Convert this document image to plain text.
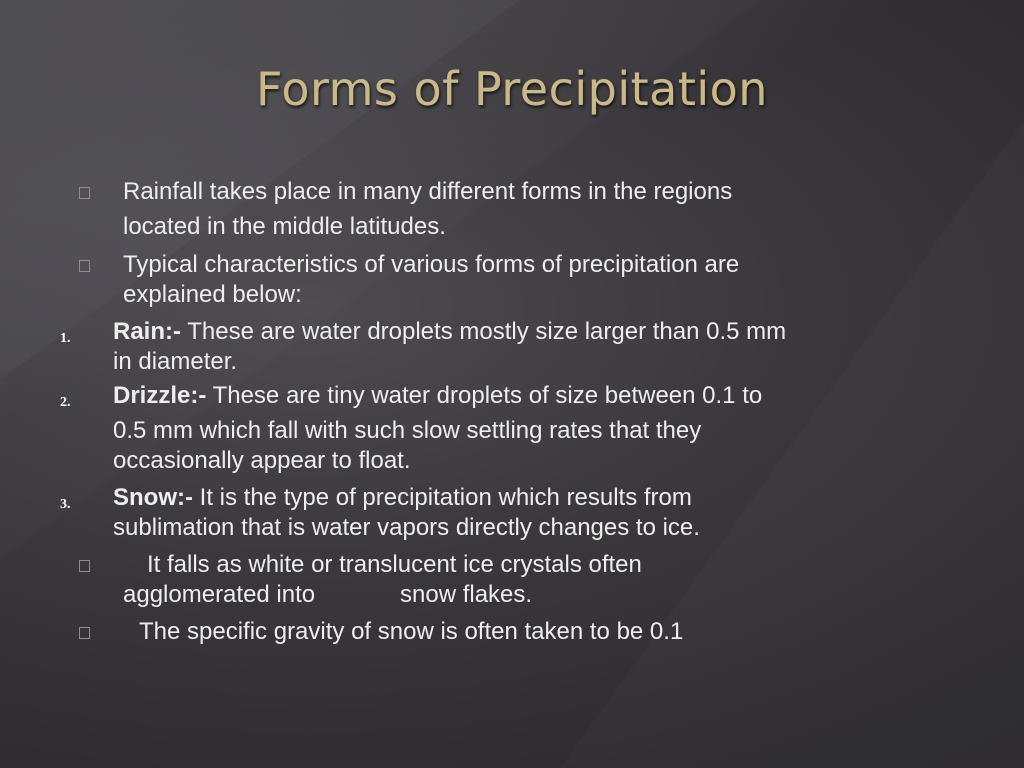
Forms of Precipitation
Rainfall takes place in many different forms in the regions
located in the middle latitudes.
Typical characteristics of various forms of precipitation are
explained below:
1. Rain:- These are water droplets mostly size larger than 0.5 mm
in diameter.
2. Drizzle:- These are tiny water droplets of size between 0.1 to
0.5 mm which fall with such slow settling rates that they
occasionally appear to float.
3. Snow:- It is the type of precipitation which results from
sublimation that is water vapors directly changes to ice.
It falls as white or translucent ice crystals often
agglomerated into	snow flakes.
The specific gravity of snow is often taken to be 0.1
